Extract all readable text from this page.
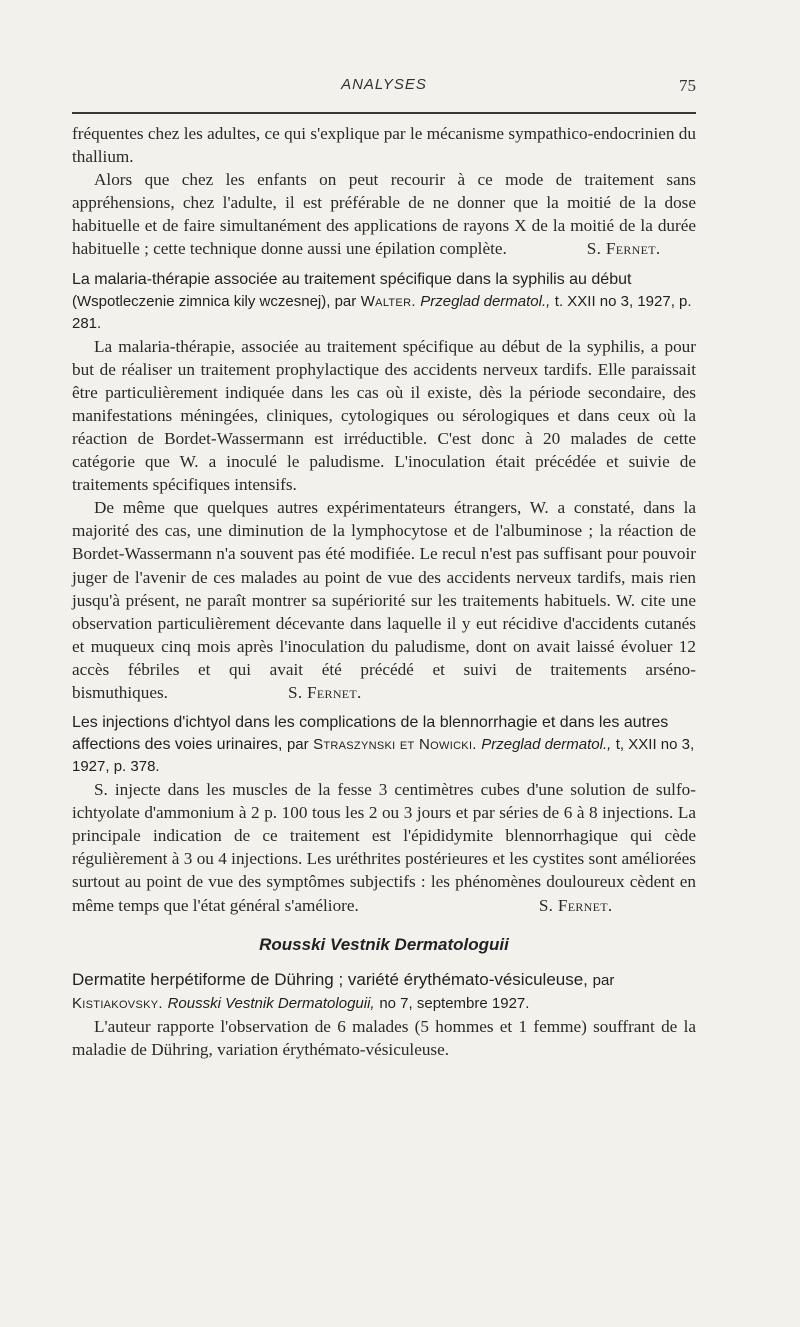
ANALYSES	75

fréquentes chez les adultes, ce qui s'explique par le mécanisme sympathico-endocrinien du thallium.

Alors que chez les enfants on peut recourir à ce mode de traitement sans appréhensions, chez l'adulte, il est préférable de ne donner que la moitié de la dose habituelle et de faire simultanément des applications de rayons X de la moitié de la durée habituelle ; cette technique donne aussi une épilation complète.	S. Fernet.

La malaria-thérapie associée au traitement spécifique dans la syphilis au début (Wspotleczenie zimnica kily wczesnej), par Walter. Przeglad dermatol., t. XXII no 3, 1927, p. 281.

La malaria-thérapie, associée au traitement spécifique au début de la syphilis, a pour but de réaliser un traitement prophylactique des accidents nerveux tardifs. Elle paraissait être particulièrement indiquée dans les cas où il existe, dès la période secondaire, des manifestations méningées, cliniques, cytologiques ou sérologiques et dans ceux où la réaction de Bordet-Wassermann est irréductible. C'est donc à 20 malades de cette catégorie que W. a inoculé le paludisme. L'inoculation était précédée et suivie de traitements spécifiques intensifs.

De même que quelques autres expérimentateurs étrangers, W. a constaté, dans la majorité des cas, une diminution de la lymphocytose et de l'albuminose ; la réaction de Bordet-Wassermann n'a souvent pas été modifiée. Le recul n'est pas suffisant pour pouvoir juger de l'avenir de ces malades au point de vue des accidents nerveux tardifs, mais rien jusqu'à présent, ne paraît montrer sa supériorité sur les traitements habituels. W. cite une observation particulièrement décevante dans laquelle il y eut récidive d'accidents cutanés et muqueux cinq mois après l'inoculation du paludisme, dont on avait laissé évoluer 12 accès fébriles et qui avait été précédé et suivi de traitements arséno-bismuthiques.	S. Fernet.

Les injections d'ichtyol dans les complications de la blennorrhagie et dans les autres affections des voies urinaires, par Straszynski et Nowicki. Przeglad dermatol., t, XXII no 3, 1927, p. 378.

S. injecte dans les muscles de la fesse 3 centimètres cubes d'une solution de sulfo-ichtyolate d'ammonium à 2 p. 100 tous les 2 ou 3 jours et par séries de 6 à 8 injections. La principale indication de ce traitement est l'épididymite blennorrhagique qui cède régulièrement à 3 ou 4 injections. Les uréthrites postérieures et les cystites sont améliorées surtout au point de vue des symptômes subjectifs : les phénomènes douloureux cèdent en même temps que l'état général s'améliore.	S. Fernet.

Rousski Vestnik Dermatologuii
Dermatite herpétiforme de Dühring ; variété érythémato-vésiculeuse, par Kistiakovsky. Rousski Vestnik Dermatologuii, no 7, septembre 1927.

L'auteur rapporte l'observation de 6 malades (5 hommes et 1 femme) souffrant de la maladie de Dühring, variation érythémato-vésiculeuse.
